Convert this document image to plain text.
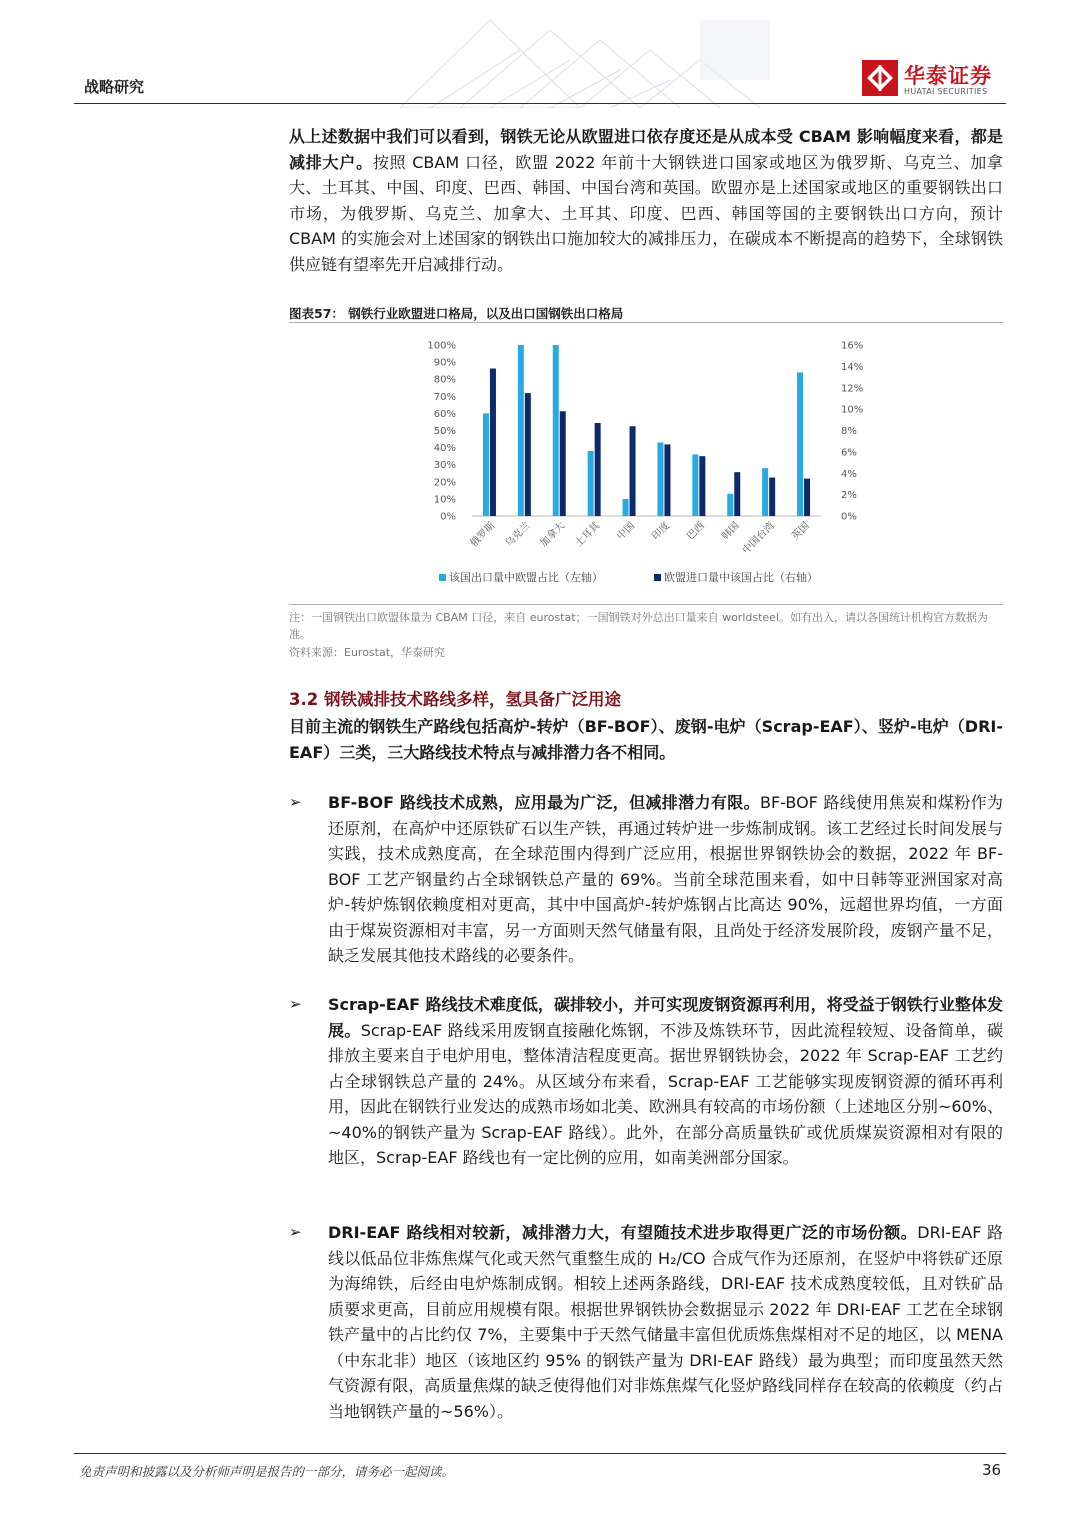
战略研究	华泰证券
HUATAI SECURITIES
从上述数据中我们可以看到，钢铁无论从欧盟进口依存度还是从成本受 CBAM 影响幅度来看，都是减排大户。按照 CBAM 口径，欧盟 2022 年前十大钢铁进口国家或地区为俄罗斯、乌克兰、加拿大、土耳其、中国、印度、巴西、韩国、中国台湾和英国。欧盟亦是上述国家或地区的重要钢铁出口市场，为俄罗斯、乌克兰、加拿大、土耳其、印度、巴西、韩国等国的主要钢铁出口方向，预计 CBAM 的实施会对上述国家的钢铁出口施加较大的减排压力，在碳成本不断提高的趋势下，全球钢铁供应链有望率先开启减排行动。
图表57： 钢铁行业欧盟进口格局，以及出口国钢铁出口格局
0%
10%
20%
30%
40%
50%
60%
70%
80%
90%
100%
0%
2%
4%
6%
8%
10%
12%
14%
16%
俄罗斯 乌克兰 加拿大 土耳其 中国 印度 巴西 韩国
中国台湾 英国
该国出口量中欧盟占比（左轴）	欧盟进口量中该国占比（右轴）
注：一国钢铁出口欧盟体量为 CBAM 口径，来自 eurostat；一国钢铁对外总出口量来自 worldsteel。如有出入，请以各国统计机构官方数据为准。
资料来源：Eurostat，华泰研究
3.2 钢铁减排技术路线多样，氢具备广泛用途
目前主流的钢铁生产路线包括高炉-转炉（BF-BOF）、废钢-电炉（Scrap-EAF）、竖炉-电炉（DRI-EAF）三类，三大路线技术特点与减排潜力各不相同。
➢ BF-BOF 路线技术成熟，应用最为广泛，但减排潜力有限。BF-BOF 路线使用焦炭和煤粉作为还原剂，在高炉中还原铁矿石以生产铁，再通过转炉进一步炼制成钢。该工艺经过长时间发展与实践，技术成熟度高，在全球范围内得到广泛应用，根据世界钢铁协会的数据，2022 年 BF-BOF 工艺产钢量约占全球钢铁总产量的 69%。当前全球范围来看，如中日韩等亚洲国家对高炉-转炉炼钢依赖度相对更高，其中中国高炉-转炉炼钢占比高达 90%，远超世界均值，一方面由于煤炭资源相对丰富，另一方面则天然气储量有限，且尚处于经济发展阶段，废钢产量不足，缺乏发展其他技术路线的必要条件。
➢ Scrap-EAF 路线技术难度低，碳排较小，并可实现废钢资源再利用，将受益于钢铁行业整体发展。Scrap-EAF 路线采用废钢直接融化炼钢，不涉及炼铁环节，因此流程较短、设备简单，碳排放主要来自于电炉用电，整体清洁程度更高。据世界钢铁协会，2022 年 Scrap-EAF 工艺约占全球钢铁总产量的 24%。从区域分布来看，Scrap-EAF 工艺能够实现废钢资源的循环再利用，因此在钢铁行业发达的成熟市场如北美、欧洲具有较高的市场份额（上述地区分别~60%、~40%的钢铁产量为 Scrap-EAF 路线）。此外，在部分高质量铁矿或优质煤炭资源相对有限的地区，Scrap-EAF 路线也有一定比例的应用，如南美洲部分国家。
➢ DRI-EAF 路线相对较新，减排潜力大，有望随技术进步取得更广泛的市场份额。DRI-EAF 路线以低品位非炼焦煤气化或天然气重整生成的 H₂/CO 合成气作为还原剂，在竖炉中将铁矿还原为海绵铁，后经由电炉炼制成钢。相较上述两条路线，DRI-EAF 技术成熟度较低，且对铁矿品质要求更高，目前应用规模有限。根据世界钢铁协会数据显示 2022 年 DRI-EAF 工艺在全球钢铁产量中的占比约仅 7%，主要集中于天然气储量丰富但优质炼焦煤相对不足的地区，以 MENA（中东北非）地区（该地区约 95% 的钢铁产量为 DRI-EAF 路线）最为典型；而印度虽然天然气资源有限，高质量焦煤的缺乏使得他们对非炼焦煤气化竖炉路线同样存在较高的依赖度（约占当地钢铁产量的~56%）。
免责声明和披露以及分析师声明是报告的一部分，请务必一起阅读。	36
